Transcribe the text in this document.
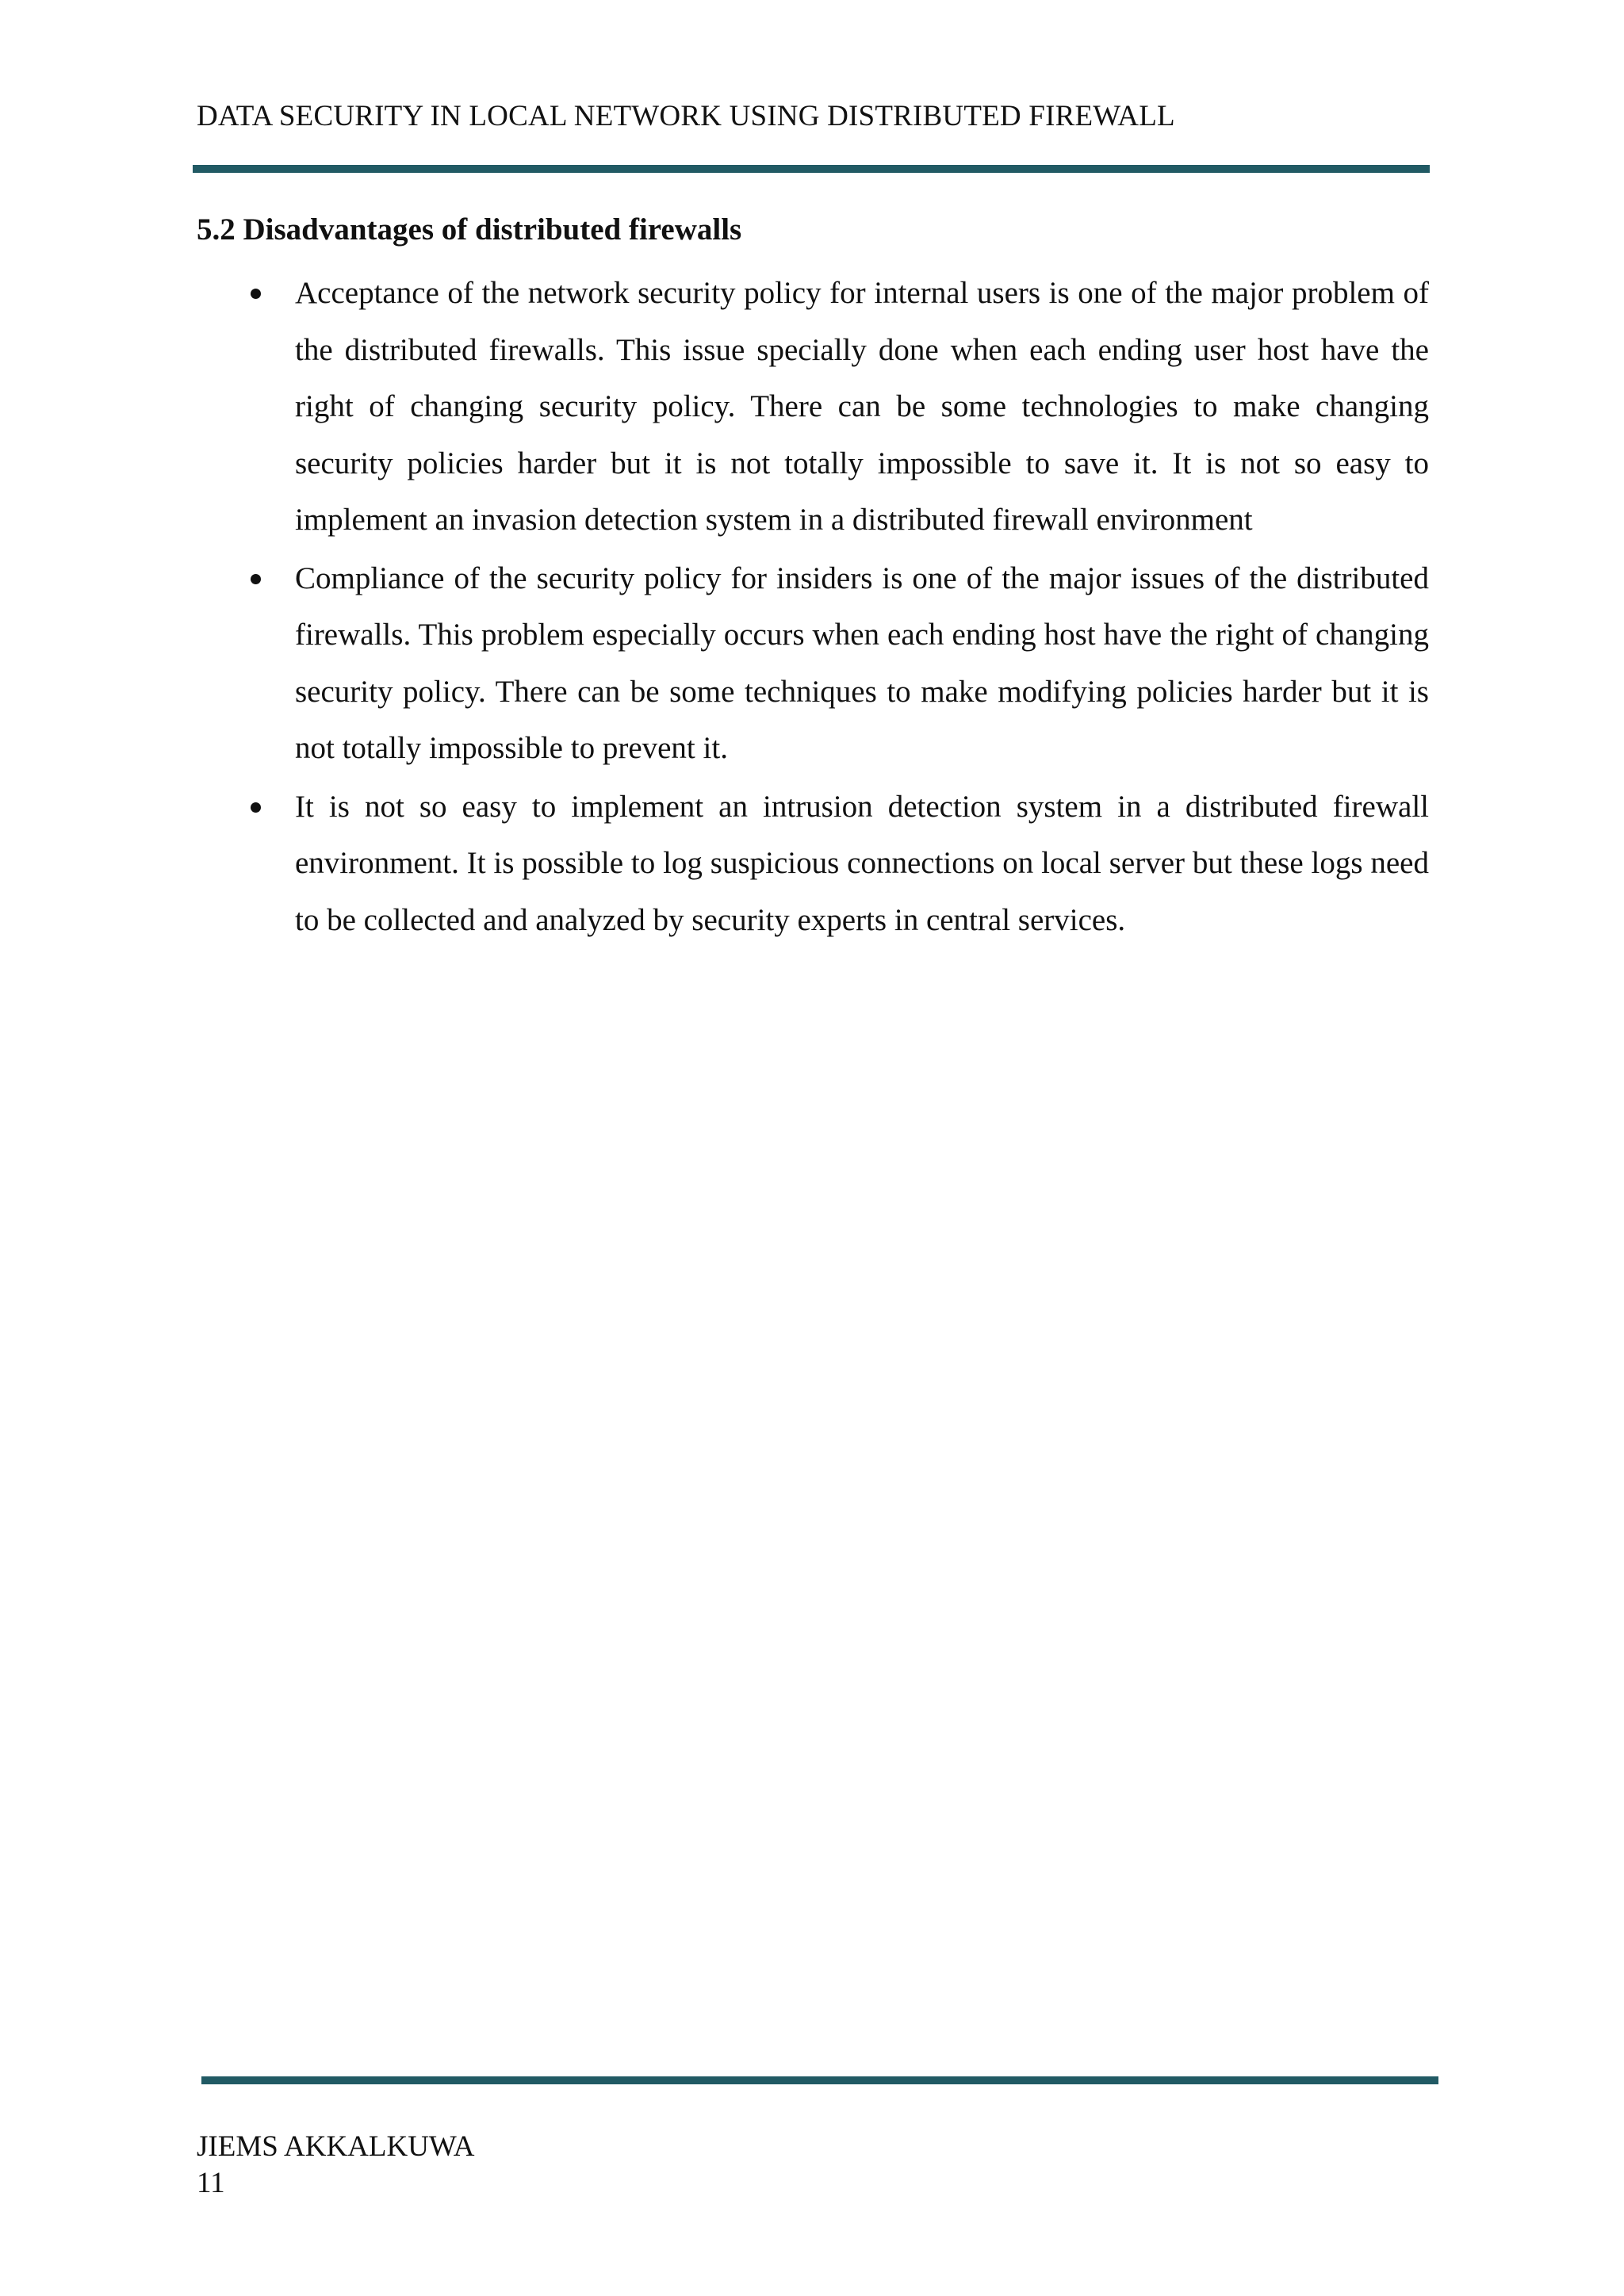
DATA SECURITY IN LOCAL NETWORK USING DISTRIBUTED FIREWALL
5.2 Disadvantages of distributed firewalls
Acceptance of the network security policy for internal users is one of the major problem of the distributed firewalls. This issue specially done when each ending user host have the right of changing security policy. There can be some technologies to make changing security policies harder but it is not totally impossible to save it. It is not so easy to implement an invasion detection system in a distributed firewall environment
Compliance of the security policy for insiders is one of the major issues of the distributed firewalls. This problem especially occurs when each ending host have the right of changing security policy. There can be some techniques to make modifying policies harder but it is not totally impossible to prevent it.
It is not so easy to implement an intrusion detection system in a distributed firewall environment. It is possible to log suspicious connections on local server but these logs need to be collected and analyzed by security experts in central services.
JIEMS AKKALKUWA
11
